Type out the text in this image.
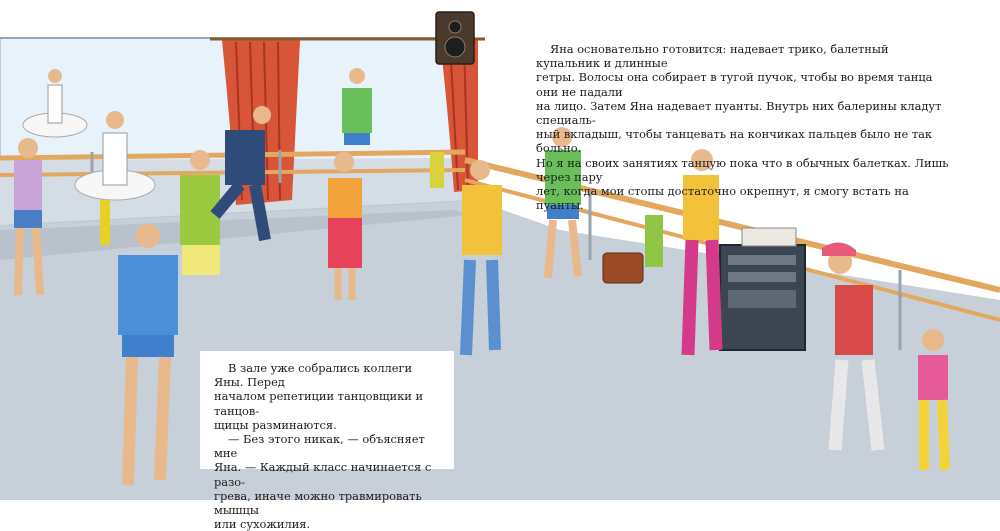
Яна основательно готовится: надевает трико, балетный купальник и длинные

гетры. Волосы она собирает в тугой пучок, чтобы во время танца они не падали

на лицо. Затем Яна надевает пуанты. Внутрь них балерины кладут специаль-

ный вкладыш, чтобы танцевать на кончиках пальцев было не так больно.

Но я на своих занятиях танцую пока что в обычных балетках. Лишь через пару

лет, когда мои стопы достаточно окрепнут, я смогу встать на пуанты.

В зале уже собрались коллеги Яны. Перед

началом репетиции танцовщики и танцов-

щицы разминаются.

— Без этого никак, — объясняет мне

Яна. — Каждый класс начинается с разо-

грева, иначе можно травмировать мышцы

или сухожилия.
